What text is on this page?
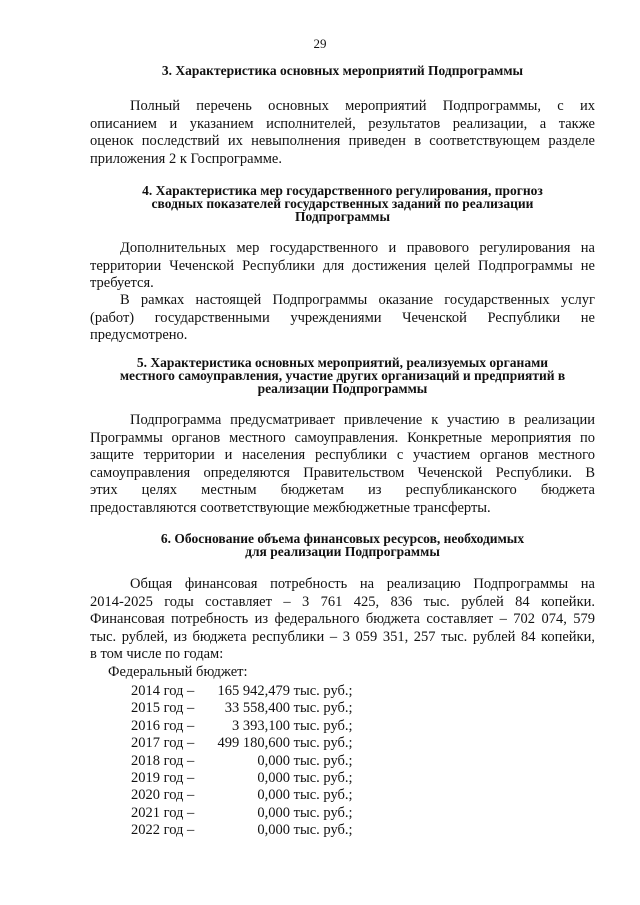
29
3. Характеристика основных мероприятий Подпрограммы
Полный перечень основных мероприятий Подпрограммы, с их
описанием и указанием исполнителей, результатов реализации, а также
оценок последствий их невыполнения приведен в соответствующем разделе
приложения 2 к Госпрограмме.
4. Характеристика мер государственного регулирования, прогноз
сводных показателей государственных заданий по реализации
Подпрограммы
Дополнительных мер государственного и правового регулирования на
территории Чеченской Республики для достижения целей Подпрограммы не
требуется.
В рамках настоящей Подпрограммы оказание государственных услуг
(работ) государственными учреждениями Чеченской Республики не
предусмотрено.
5. Характеристика основных мероприятий, реализуемых органами
местного самоуправления, участие других организаций и предприятий в
реализации Подпрограммы
Подпрограмма предусматривает привлечение к участию в реализации
Программы органов местного самоуправления. Конкретные мероприятия по
защите территории и населения республики с участием органов местного
самоуправления определяются Правительством Чеченской Республики. В
этих целях местным бюджетам из республиканского бюджета
предоставляются соответствующие межбюджетные трансферты.
6. Обоснование объема финансовых ресурсов, необходимых
для реализации Подпрограммы
Общая финансовая потребность на реализацию Подпрограммы на
2014-2025 годы составляет – 3 761 425, 836 тыс. рублей 84 копейки.
Финансовая потребность из федерального бюджета составляет – 702 074, 579
тыс. рублей, из бюджета республики – 3 059 351, 257 тыс. рублей 84 копейки,
в том числе по годам:
Федеральный бюджет:
2014 год – 165 942,479 тыс. руб.;
2015 год – 33 558,400 тыс. руб.;
2016 год –	3 393,100 тыс. руб.;
2017 год – 499 180,600 тыс. руб.;
2018 год –	0,000 тыс. руб.;
2019 год –	0,000 тыс. руб.;
2020 год –	0,000 тыс. руб.;
2021 год –	0,000 тыс. руб.;
2022 год –	0,000 тыс. руб.;
